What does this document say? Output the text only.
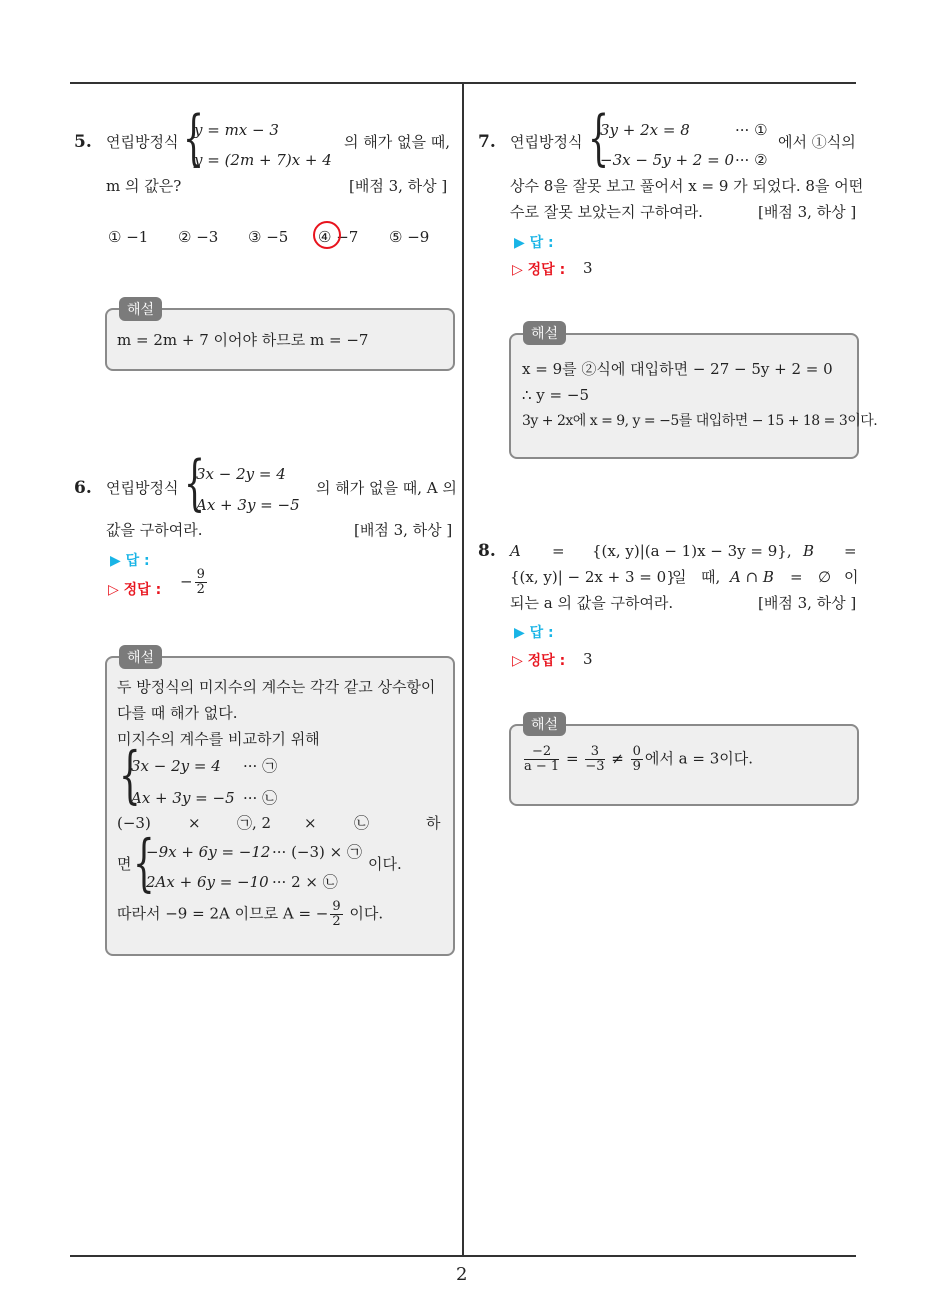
2
5. 연립방정식 {
y = mx − 3
y = (2m + 7)x + 4
의 해가 없을 때,
m 의 값은?	[배점 3, 하상 ]
① −1 ② −3 ③ −5 ④ −7 ⑤ −9
해설
m = 2m + 7 이어야 하므로 m = −7
6. 연립방정식 {
3x − 2y = 4
Ax + 3y = −5
의 해가 없을 때, A 의
값을 구하여라.	[배점 3, 하상 ]
▶ 답 :
▷ 정답 : − $\frac{9}{2}$
해설
두 방정식의 미지수의 계수는 각각 같고 상수항이
다를 때 해가 없다.
미지수의 계수를 비교하기 위해
{
3x − 2y = 4 ··· ㉠
Ax + 3y = −5 ··· ㉡
(−3) × ㉠, 2 × ㉡	하
면 {
−9x + 6y = −12 ··· (−3) × ㉠
2Ax + 6y = −10 ··· 2 × ㉡
이다.
따라서 −9 = 2A 이므로 A = − $\frac{9}{2}$ 이다.
7. 연립방정식 {
3y + 2x = 8	··· ①
−3x − 5y + 2 = 0 ··· ②
에서 ①식의
상수 8을 잘못 보고 풀어서 x = 9 가 되었다. 8을 어떤
수로 잘못 보았는지 구하여라.	[배점 3, 하상 ]
▶ 답 :
▷ 정답 : 3
해설
x = 9를 ②식에 대입하면 − 27 − 5y + 2 = 0
∴ y = −5
3y + 2x에 x = 9, y = −5를 대입하면 − 15 + 18 = 3이다.
8. A = {(x, y)|(a − 1)x − 3y = 9}, B =
{(x, y)| − 2x + 3 = 0}
일 때, A ∩ B = ∅ 이
되는 a 의 값을 구하여라.	[배점 3, 하상 ]
▶ 답 :
▷ 정답 : 3
해설
$\frac{-2}{a - 1} = \frac{3}{-3} \ne \frac{0}{9}$ 에서 a = 3이다.
